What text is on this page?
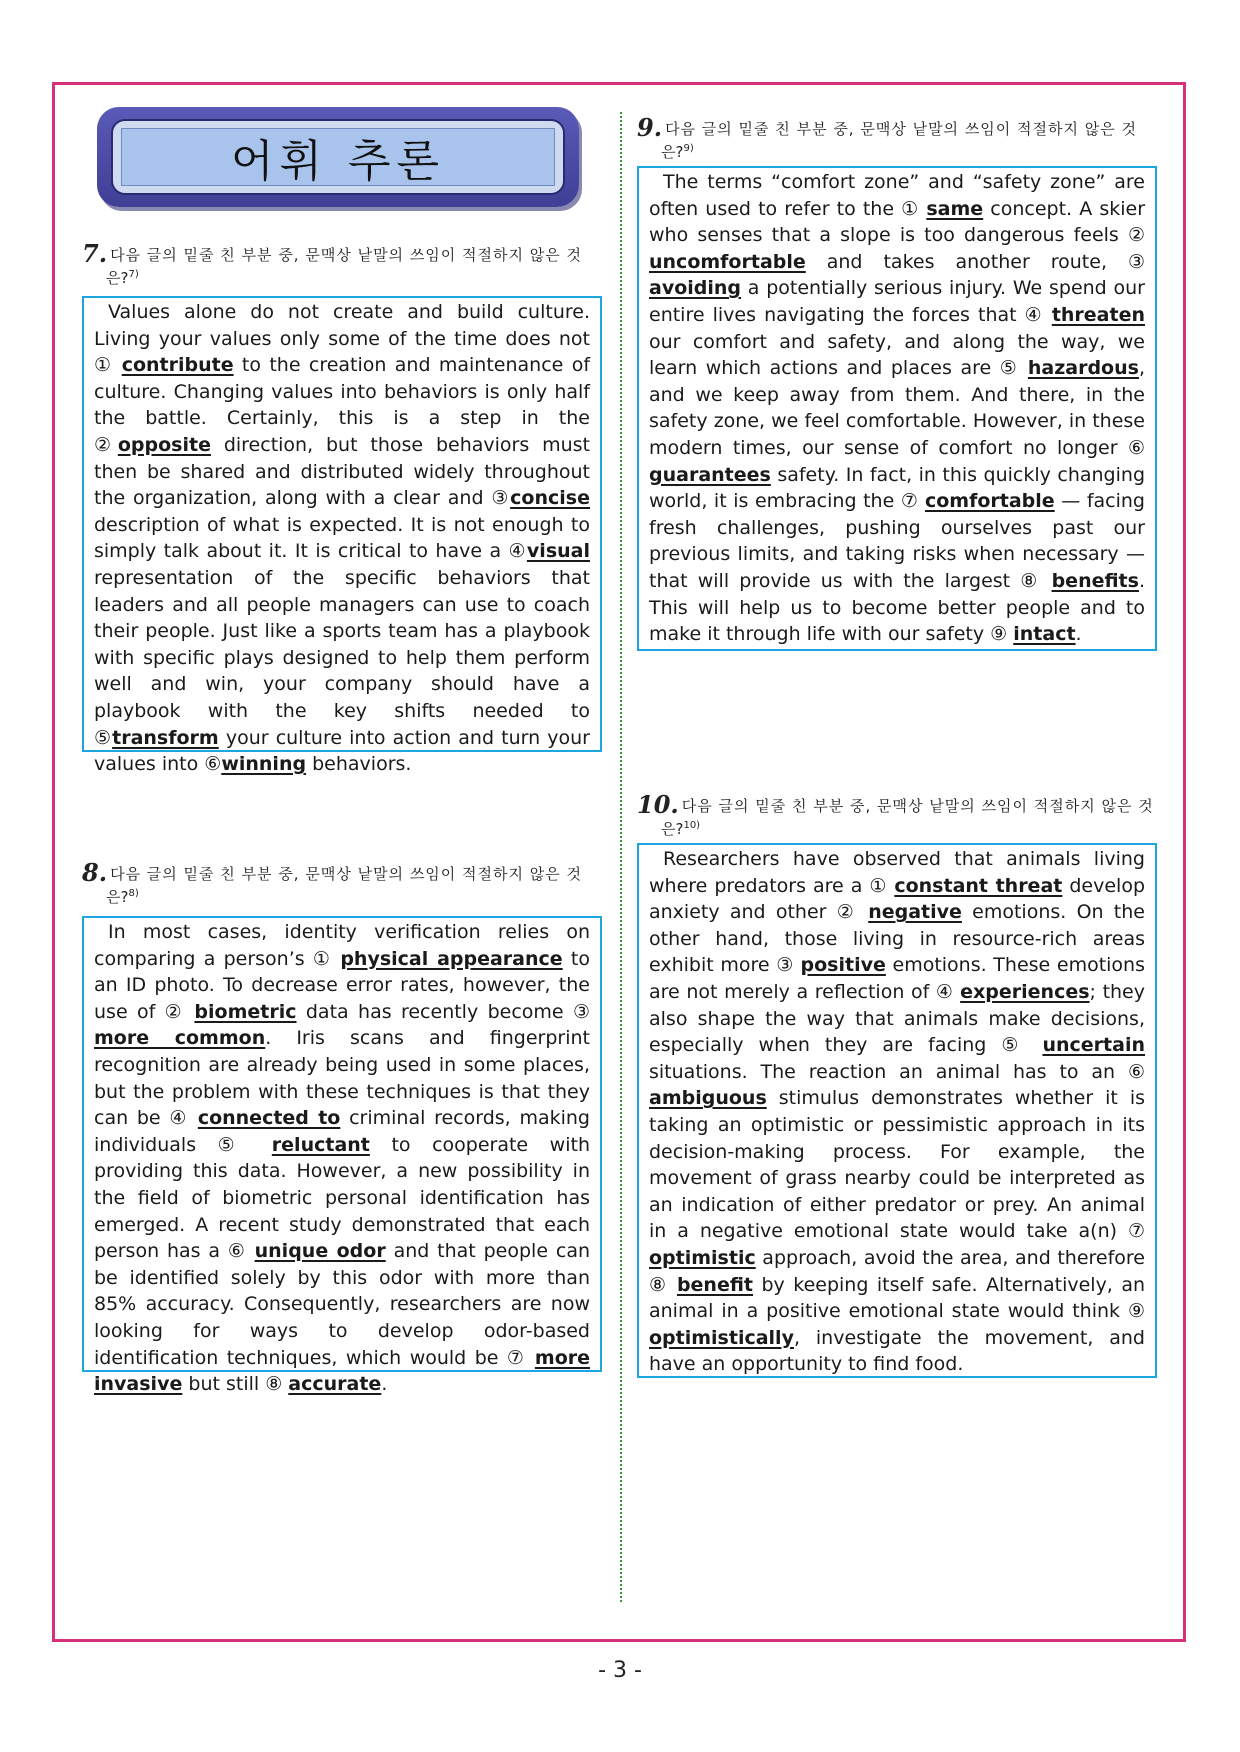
어휘 추론
7. 다음 글의 밑줄 친 부분 중, 문맥상 낱말의 쓰임이 적절하지 않은 것
은?$^{7)}$

Values alone do not create and build culture. Living your values only some of the time does not ① contribute to the creation and maintenance of culture. Changing values into behaviors is only half the battle. Certainly, this is a step in the ②opposite direction, but those behaviors must then be shared and distributed widely throughout the organization, along with a clear and ③concise description of what is expected. It is not enough to simply talk about it. It is critical to have a ④visual representation of the specific behaviors that leaders and all people managers can use to coach their people. Just like a sports team has a playbook with specific plays designed to help them perform well and win, your company should have a playbook with the key shifts needed to ⑤transform your culture into action and turn your values into ⑥winning behaviors.

8. 다음 글의 밑줄 친 부분 중, 문맥상 낱말의 쓰임이 적절하지 않은 것
은?$^{8)}$

In most cases, identity verification relies on comparing a person’s ① physical appearance to an ID photo. To decrease error rates, however, the use of ② biometric data has recently become ③ more common. Iris scans and fingerprint recognition are already being used in some places, but the problem with these techniques is that they can be ④ connected to criminal records, making individuals ⑤ reluctant to cooperate with providing this data. However, a new possibility in the field of biometric personal identification has emerged. A recent study demonstrated that each person has a ⑥ unique odor and that people can be identified solely by this odor with more than 85% accuracy. Consequently, researchers are now looking for ways to develop odor-based identification techniques, which would be ⑦ more invasive but still ⑧ accurate.

9. 다음 글의 밑줄 친 부분 중, 문맥상 낱말의 쓰임이 적절하지 않은 것
은?$^{9)}$

The terms “comfort zone” and “safety zone” are often used to refer to the ① same concept. A skier who senses that a slope is too dangerous feels ② uncomfortable and takes another route, ③ avoiding a potentially serious injury. We spend our entire lives navigating the forces that ④ threaten our comfort and safety, and along the way, we learn which actions and places are ⑤ hazardous, and we keep away from them. And there, in the safety zone, we feel comfortable. However, in these modern times, our sense of comfort no longer ⑥ guarantees safety. In fact, in this quickly changing world, it is embracing the ⑦ comfortable — facing fresh challenges, pushing ourselves past our previous limits, and taking risks when necessary — that will provide us with the largest ⑧ benefits. This will help us to become better people and to make it through life with our safety ⑨ intact.

10. 다음 글의 밑줄 친 부분 중, 문맥상 낱말의 쓰임이 적절하지 않은 것
은?$^{10)}$

Researchers have observed that animals living where predators are a ① constant threat develop anxiety and other ② negative emotions. On the other hand, those living in resource-rich areas exhibit more ③ positive emotions. These emotions are not merely a reflection of ④ experiences; they also shape the way that animals make decisions, especially when they are facing ⑤ uncertain situations. The reaction an animal has to an ⑥ ambiguous stimulus demonstrates whether it is taking an optimistic or pessimistic approach in its decision-making process. For example, the movement of grass nearby could be interpreted as an indication of either predator or prey. An animal in a negative emotional state would take a(n) ⑦ optimistic approach, avoid the area, and therefore ⑧ benefit by keeping itself safe. Alternatively, an animal in a positive emotional state would think ⑨ optimistically, investigate the movement, and have an opportunity to find food.

- 3 -
